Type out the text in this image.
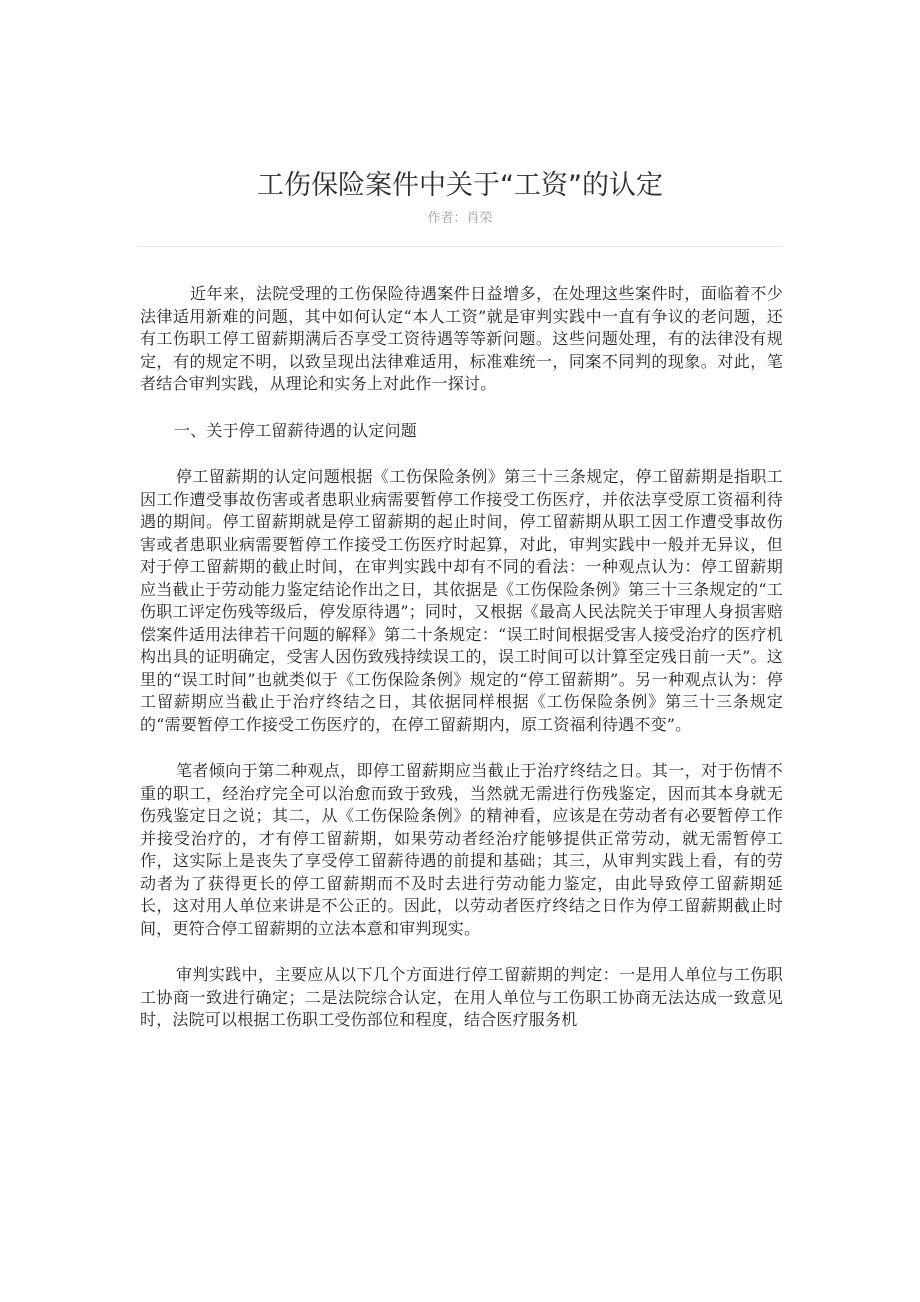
工伤保险案件中关于“工资”的认定
作者：肖荣

近年来，法院受理的工伤保险待遇案件日益增多，在处理这些案件时，面临着不少法律适用新难的问题，其中如何认定“本人工资”就是审判实践中一直有争议的老问题，还有工伤职工停工留薪期满后否享受工资待遇等等新问题。这些问题处理，有的法律没有规定，有的规定不明，以致呈现出法律难适用，标准难统一，同案不同判的现象。对此，笔者结合审判实践，从理论和实务上对此作一探讨。

一、关于停工留薪待遇的认定问题

停工留薪期的认定问题根据《工伤保险条例》第三十三条规定，停工留薪期是指职工因工作遭受事故伤害或者患职业病需要暂停工作接受工伤医疗，并依法享受原工资福利待遇的期间。停工留薪期就是停工留薪期的起止时间，停工留薪期从职工因工作遭受事故伤害或者患职业病需要暂停工作接受工伤医疗时起算，对此，审判实践中一般并无异议，但对于停工留薪期的截止时间，在审判实践中却有不同的看法：一种观点认为：停工留薪期应当截止于劳动能力鉴定结论作出之日，其依据是《工伤保险条例》第三十三条规定的“工伤职工评定伤残等级后，停发原待遇”；同时，又根据《最高人民法院关于审理人身损害赔偿案件适用法律若干问题的解释》第二十条规定：“误工时间根据受害人接受治疗的医疗机构出具的证明确定，受害人因伤致残持续误工的，误工时间可以计算至定残日前一天”。这里的“误工时间”也就类似于《工伤保险条例》规定的“停工留薪期”。另一种观点认为：停工留薪期应当截止于治疗终结之日，其依据同样根据《工伤保险条例》第三十三条规定的“需要暂停工作接受工伤医疗的，在停工留薪期内，原工资福利待遇不变”。

笔者倾向于第二种观点，即停工留薪期应当截止于治疗终结之日。其一，对于伤情不重的职工，经治疗完全可以治愈而致于致残，当然就无需进行伤残鉴定，因而其本身就无伤残鉴定日之说；其二，从《工伤保险条例》的精神看，应该是在劳动者有必要暂停工作并接受治疗的，才有停工留薪期，如果劳动者经治疗能够提供正常劳动，就无需暂停工作，这实际上是丧失了享受停工留薪待遇的前提和基础；其三，从审判实践上看，有的劳动者为了获得更长的停工留薪期而不及时去进行劳动能力鉴定，由此导致停工留薪期延长，这对用人单位来讲是不公正的。因此，以劳动者医疗终结之日作为停工留薪期截止时间，更符合停工留薪期的立法本意和审判现实。

审判实践中，主要应从以下几个方面进行停工留薪期的判定：一是用人单位与工伤职工协商一致进行确定；二是法院综合认定，在用人单位与工伤职工协商无法达成一致意见时，法院可以根据工伤职工受伤部位和程度，结合医疗服务机
